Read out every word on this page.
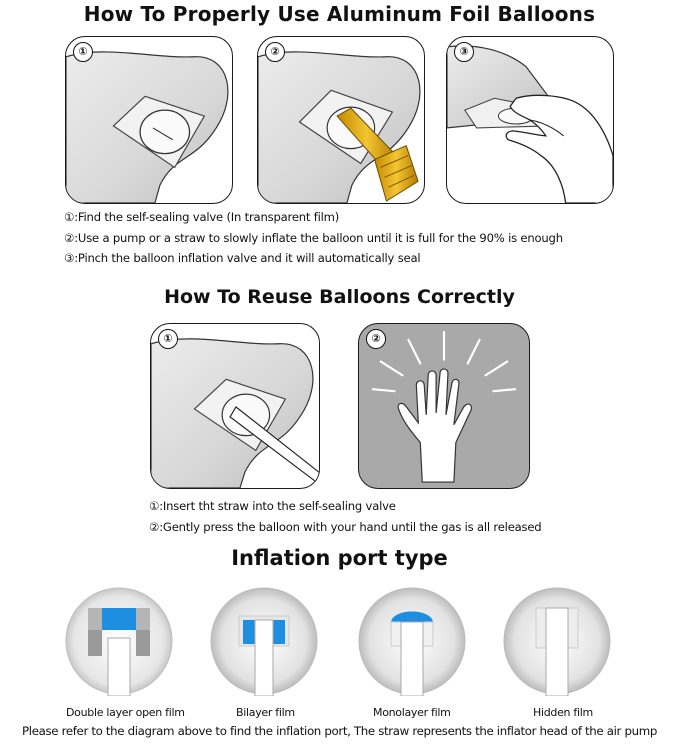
How To Properly Use Aluminum Foil Balloons
①	②	③
①:Find the self-sealing valve (In transparent film)
②:Use a pump or a straw to slowly inflate the balloon until it is full for the 90% is enough
③:Pinch the balloon inflation valve and it will automatically seal
How To Reuse Balloons Correctly
①	②
①:Insert tht straw into the self-sealing valve
②:Gently press the balloon with your hand until the gas is all released
Inflation port type
Double layer open film	Bilayer film	Monolayer film	Hidden film
Please refer to the diagram above to find the inflation port, The straw represents the inflator head of the air pump
